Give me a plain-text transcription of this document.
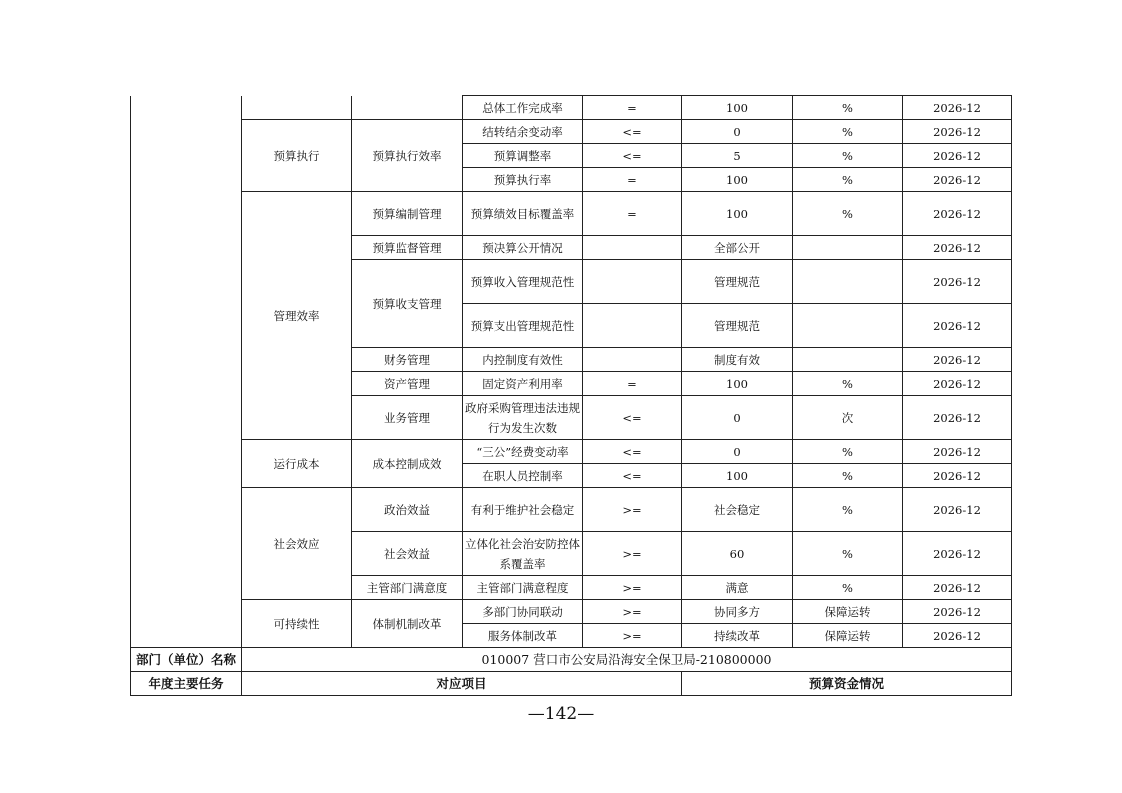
			总体工作完成率	=	100	%	2026-12
	预算执行	预算执行效率	结转结余变动率	<=	0	%	2026-12
			预算调整率	<=	5	%	2026-12
			预算执行率	=	100	%	2026-12
	管理效率	预算编制管理	预算绩效目标覆盖率	=	100	%	2026-12
		预算监督管理	预决算公开情况		全部公开		2026-12
		预算收支管理	预算收入管理规范性		管理规范		2026-12
			预算支出管理规范性		管理规范		2026-12
		财务管理	内控制度有效性		制度有效		2026-12
		资产管理	固定资产利用率	=	100	%	2026-12
		业务管理	政府采购管理违法违规行为发生次数	<=	0	次	2026-12
	运行成本	成本控制成效	“三公”经费变动率	<=	0	%	2026-12
			在职人员控制率	<=	100	%	2026-12
	社会效应	政治效益	有利于维护社会稳定	>=	社会稳定	%	2026-12
		社会效益	立体化社会治安防控体系覆盖率	>=	60	%	2026-12
		主管部门满意度	主管部门满意程度	>=	满意	%	2026-12
	可持续性	体制机制改革	多部门协同联动	>=	协同多方	保障运转	2026-12
			服务体制改革	>=	持续改革	保障运转	2026-12
部门（单位）名称	010007 营口市公安局沿海安全保卫局-210800000						
年度主要任务	对应项目				预算资金情况		
—142—
